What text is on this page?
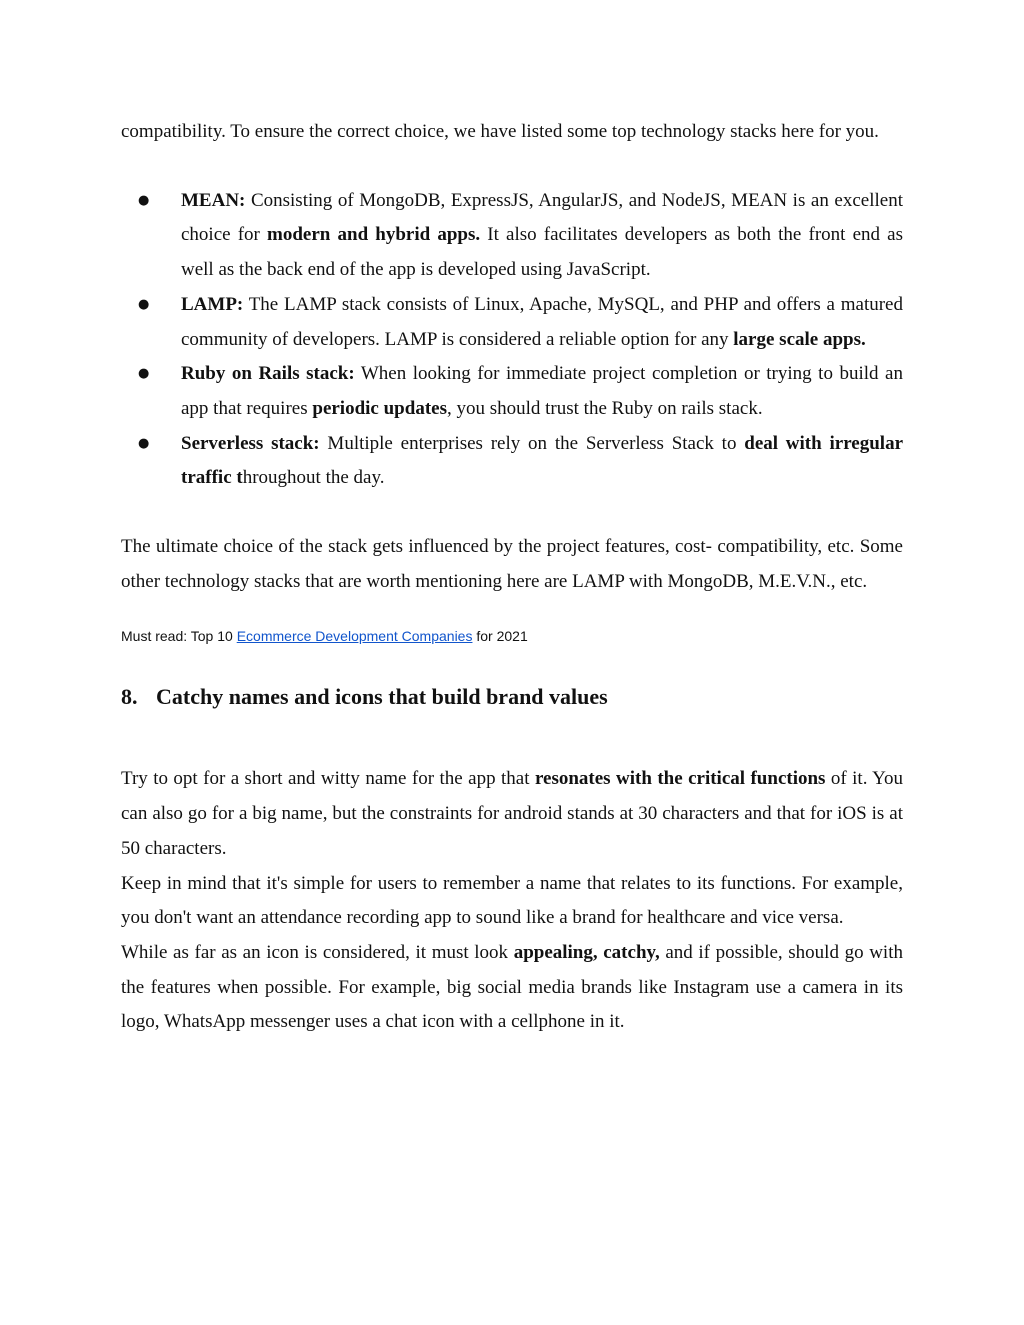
compatibility. To ensure the correct choice, we have listed some top technology stacks here for you.

● MEAN: Consisting of MongoDB, ExpressJS, AngularJS, and NodeJS, MEAN is an excellent choice for modern and hybrid apps. It also facilitates developers as both the front end as well as the back end of the app is developed using JavaScript.
● LAMP: The LAMP stack consists of Linux, Apache, MySQL, and PHP and offers a matured community of developers. LAMP is considered a reliable option for any large scale apps.
● Ruby on Rails stack: When looking for immediate project completion or trying to build an app that requires periodic updates, you should trust the Ruby on rails stack.
● Serverless stack: Multiple enterprises rely on the Serverless Stack to deal with irregular traffic throughout the day.

The ultimate choice of the stack gets influenced by the project features, cost- compatibility, etc. Some other technology stacks that are worth mentioning here are LAMP with MongoDB, M.E.V.N., etc.

Must read: Top 10 Ecommerce Development Companies for 2021

8. Catchy names and icons that build brand values

Try to opt for a short and witty name for the app that resonates with the critical functions of it. You can also go for a big name, but the constraints for android stands at 30 characters and that for iOS is at 50 characters.

Keep in mind that it's simple for users to remember a name that relates to its functions. For example, you don't want an attendance recording app to sound like a brand for healthcare and vice versa.

While as far as an icon is considered, it must look appealing, catchy, and if possible, should go with the features when possible. For example, big social media brands like Instagram use a camera in its logo, WhatsApp messenger uses a chat icon with a cellphone in it.
